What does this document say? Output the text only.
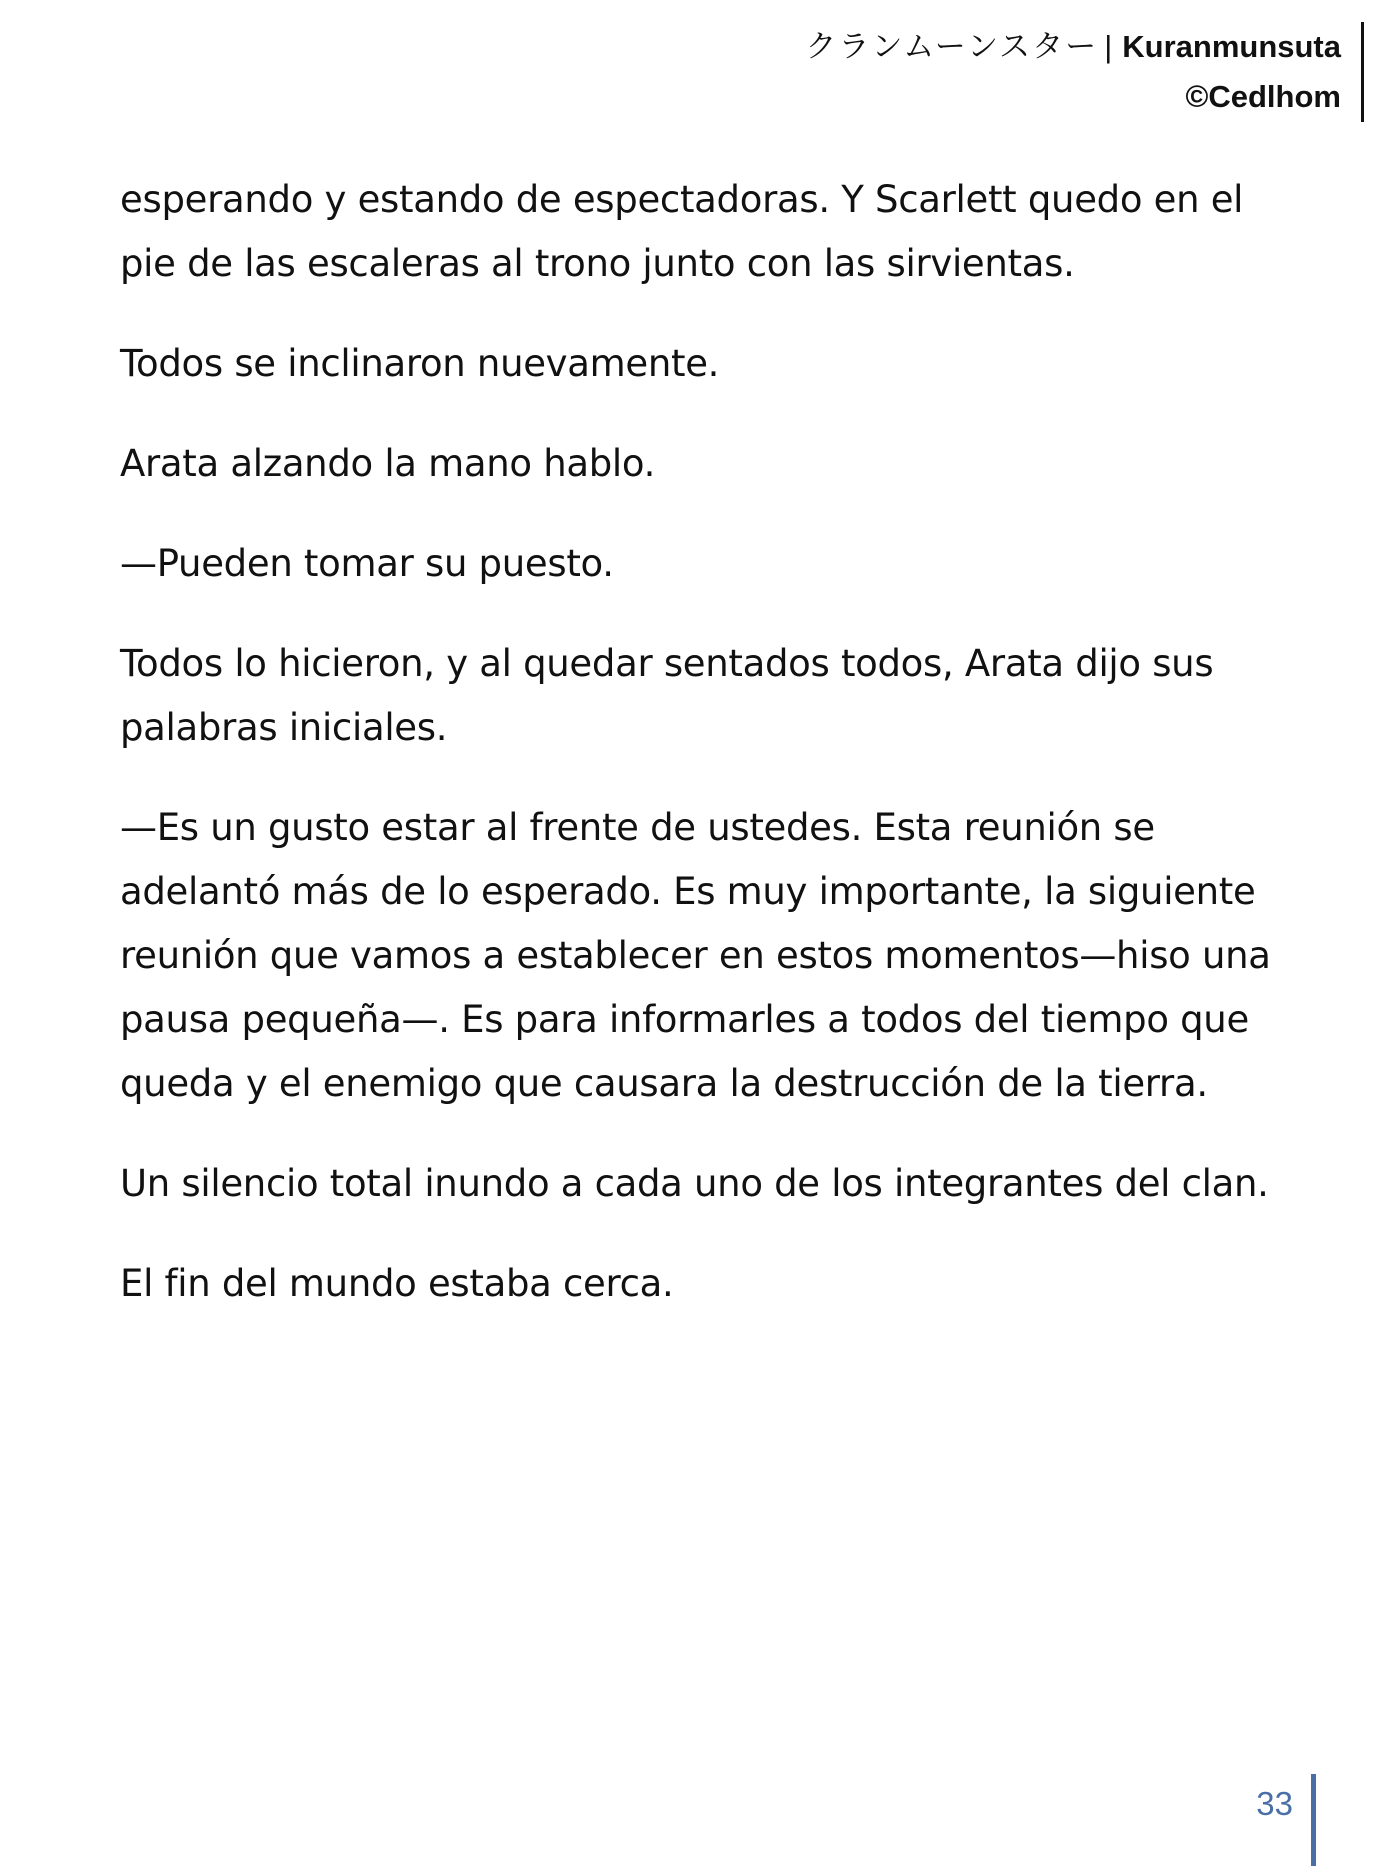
クランムーンスター | Kuranmunsuta
©Cedlhom

esperando y estando de espectadoras. Y Scarlett quedo en el pie de las escaleras al trono junto con las sirvientas.

Todos se inclinaron nuevamente.

Arata alzando la mano hablo.

—Pueden tomar su puesto.

Todos lo hicieron, y al quedar sentados todos, Arata dijo sus palabras iniciales.

—Es un gusto estar al frente de ustedes. Esta reunión se adelantó más de lo esperado. Es muy importante, la siguiente reunión que vamos a establecer en estos momentos—hiso una pausa pequeña—. Es para informarles a todos del tiempo que queda y el enemigo que causara la destrucción de la tierra.

Un silencio total inundo a cada uno de los integrantes del clan.

El fin del mundo estaba cerca.

33
